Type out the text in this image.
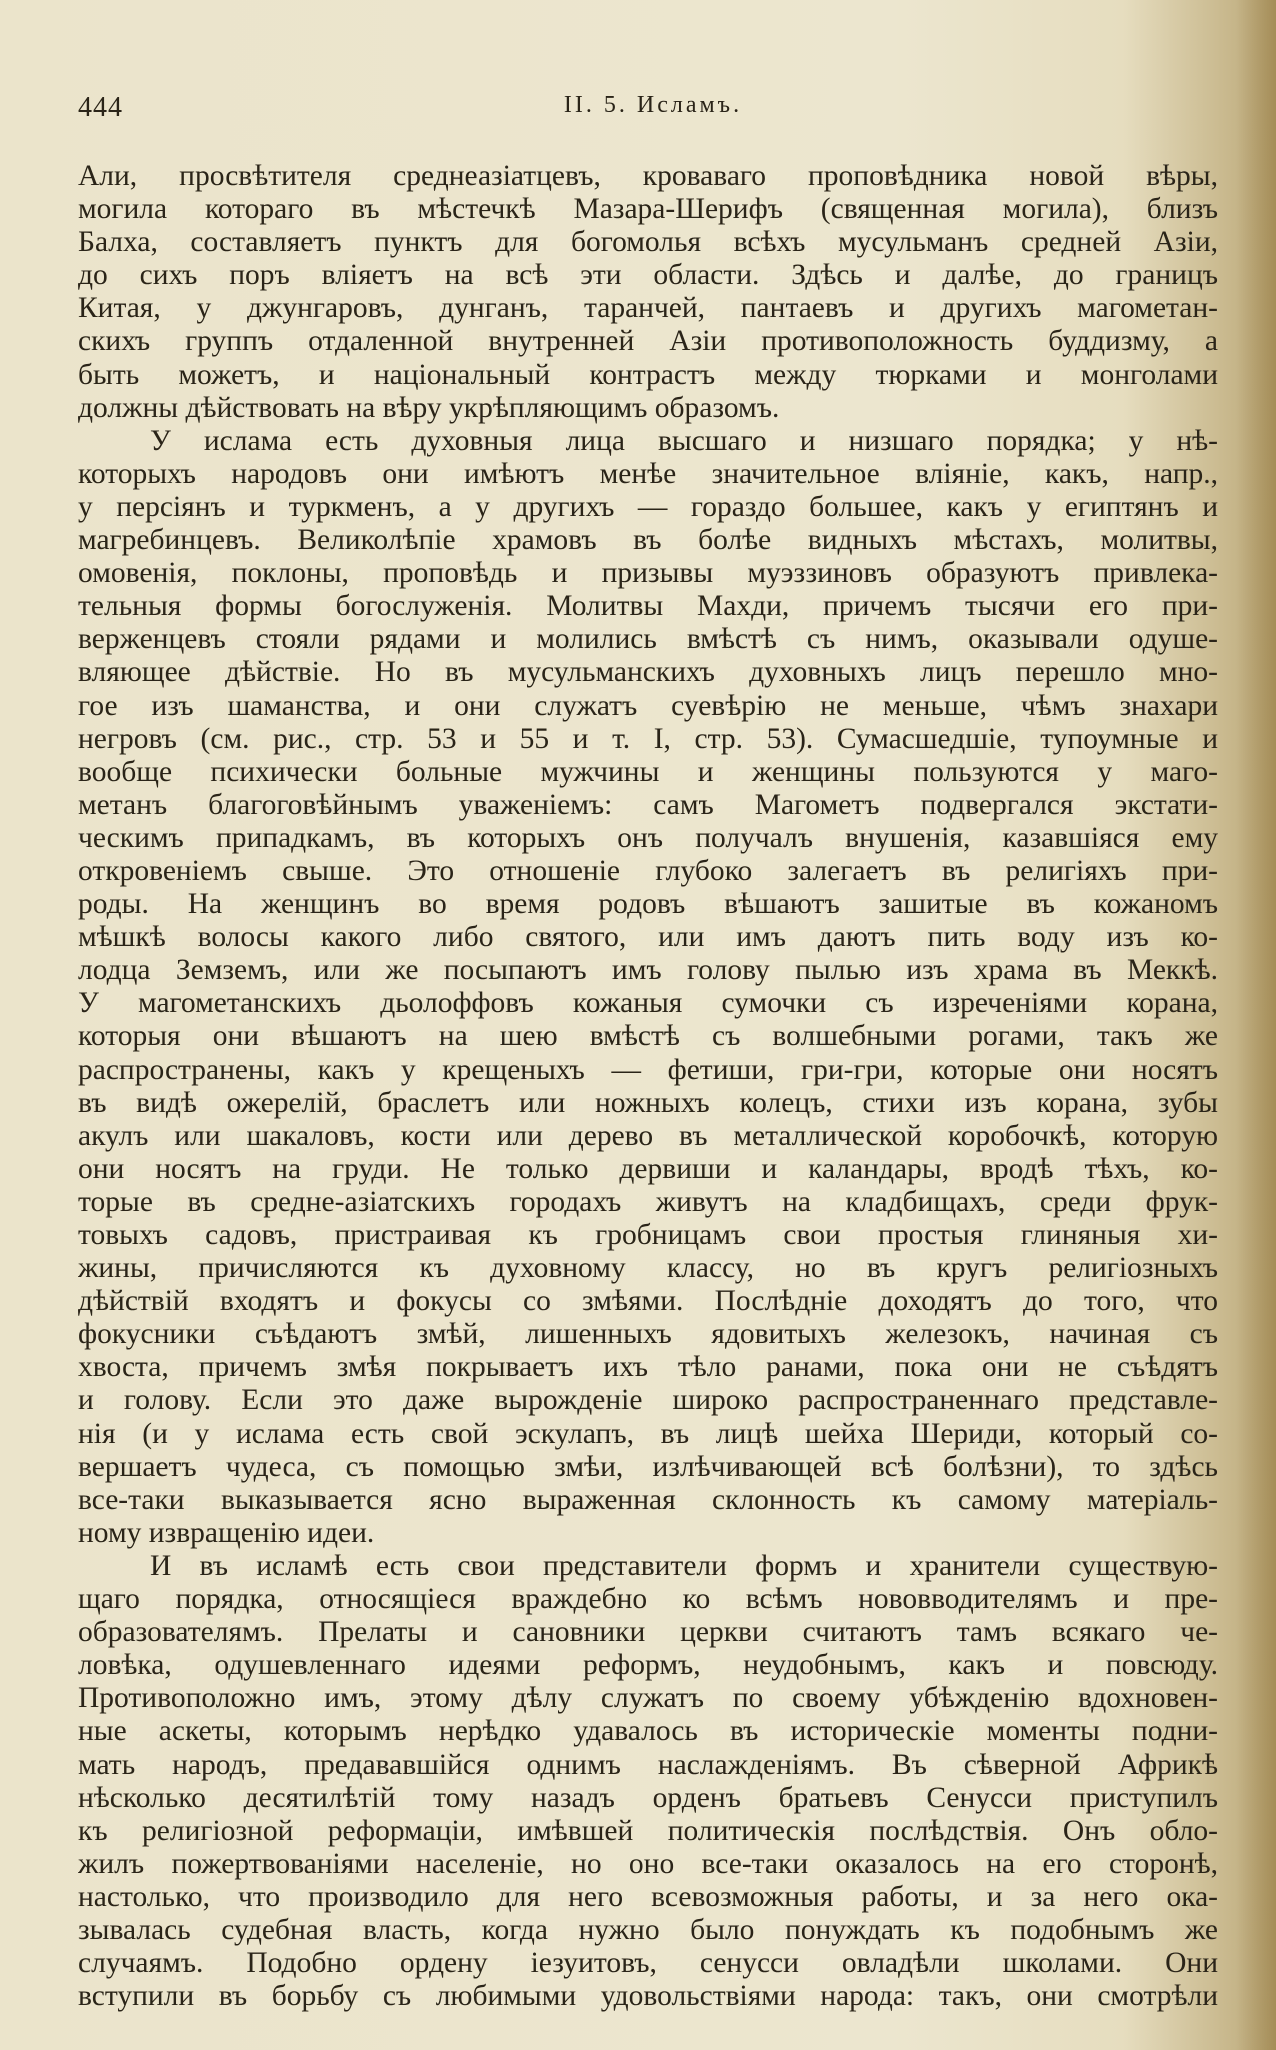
444	II. 5. Исламъ.
Али, просвѣтителя среднеазіатцевъ, кроваваго проповѣдника новой вѣры,
могила котораго въ мѣстечкѣ Мазара-Шерифъ (священная могила), близъ
Балха, составляетъ пунктъ для богомолья всѣхъ мусульманъ средней Азіи,
до сихъ поръ вліяетъ на всѣ эти области. Здѣсь и далѣе, до границъ
Китая, у джунгаровъ, дунганъ, таранчей, пантаевъ и другихъ магометан-
скихъ группъ отдаленной внутренней Азіи противоположность буддизму, а
быть можетъ, и національный контрастъ между тюрками и монголами
должны дѣйствовать на вѣру укрѣпляющимъ образомъ.
У ислама есть духовныя лица высшаго и низшаго порядка; у нѣ-
которыхъ народовъ они имѣютъ менѣе значительное вліяніе, какъ, напр.,
у персіянъ и туркменъ, а у другихъ — гораздо большее, какъ у египтянъ и
магребинцевъ. Великолѣпіе храмовъ въ болѣе видныхъ мѣстахъ, молитвы,
омовенія, поклоны, проповѣдь и призывы муэззиновъ образуютъ привлека-
тельныя формы богослуженія. Молитвы Махди, причемъ тысячи его при-
верженцевъ стояли рядами и молились вмѣстѣ съ нимъ, оказывали одуше-
вляющее дѣйствіе. Но въ мусульманскихъ духовныхъ лицъ перешло мно-
гое изъ шаманства, и они служатъ суевѣрію не меньше, чѣмъ знахари
негровъ (см. рис., стр. 53 и 55 и т. I, стр. 53). Сумасшедшіе, тупоумные и
вообще психически больные мужчины и женщины пользуются у маго-
метанъ благоговѣйнымъ уваженіемъ: самъ Магометъ подвергался экстати-
ческимъ припадкамъ, въ которыхъ онъ получалъ внушенія, казавшіяся ему
откровеніемъ свыше. Это отношеніе глубоко залегаетъ въ религіяхъ при-
роды. На женщинъ во время родовъ вѣшаютъ зашитые въ кожаномъ
мѣшкѣ волосы какого либо святого, или имъ даютъ пить воду изъ ко-
лодца Земземъ, или же посыпаютъ имъ голову пылью изъ храма въ Меккѣ.
У магометанскихъ дьолоффовъ кожаныя сумочки съ изреченіями корана,
которыя они вѣшаютъ на шею вмѣстѣ съ волшебными рогами, такъ же
распространены, какъ у крещеныхъ — фетиши, гри-гри, которые они носятъ
въ видѣ ожерелій, браслетъ или ножныхъ колецъ, стихи изъ корана, зубы
акулъ или шакаловъ, кости или дерево въ металлической коробочкѣ, которую
они носятъ на груди. Не только дервиши и каландары, вродѣ тѣхъ, ко-
торые въ средне-азіатскихъ городахъ живутъ на кладбищахъ, среди фрук-
товыхъ садовъ, пристраивая къ гробницамъ свои простыя глиняныя хи-
жины, причисляются къ духовному классу, но въ кругъ религіозныхъ
дѣйствій входятъ и фокусы со змѣями. Послѣдніе доходятъ до того, что
фокусники съѣдаютъ змѣй, лишенныхъ ядовитыхъ железокъ, начиная съ
хвоста, причемъ змѣя покрываетъ ихъ тѣло ранами, пока они не съѣдятъ
и голову. Если это даже вырожденіе широко распространеннаго представле-
нія (и у ислама есть свой эскулапъ, въ лицѣ шейха Шериди, который со-
вершаетъ чудеса, съ помощью змѣи, излѣчивающей всѣ болѣзни), то здѣсь
все-таки выказывается ясно выраженная склонность къ самому матеріаль-
ному извращенію идеи.
И въ исламѣ есть свои представители формъ и хранители существую-
щаго порядка, относящіеся враждебно ко всѣмъ нововводителямъ и пре-
образователямъ. Прелаты и сановники церкви считаютъ тамъ всякаго че-
ловѣка, одушевленнаго идеями реформъ, неудобнымъ, какъ и повсюду.
Противоположно имъ, этому дѣлу служатъ по своему убѣжденію вдохновен-
ные аскеты, которымъ нерѣдко удавалось въ историческіе моменты подни-
мать народъ, предававшійся однимъ наслажденіямъ. Въ сѣверной Африкѣ
нѣсколько десятилѣтій тому назадъ орденъ братьевъ Сенусси приступилъ
къ религіозной реформаціи, имѣвшей политическія послѣдствія. Онъ обло-
жилъ пожертвованіями населеніе, но оно все-таки оказалось на его сторонѣ,
настолько, что производило для него всевозможныя работы, и за него ока-
зывалась судебная власть, когда нужно было понуждать къ подобнымъ же
случаямъ. Подобно ордену іезуитовъ, сенусси овладѣли школами. Они
вступили въ борьбу съ любимыми удовольствіями народа: такъ, они смотрѣли
